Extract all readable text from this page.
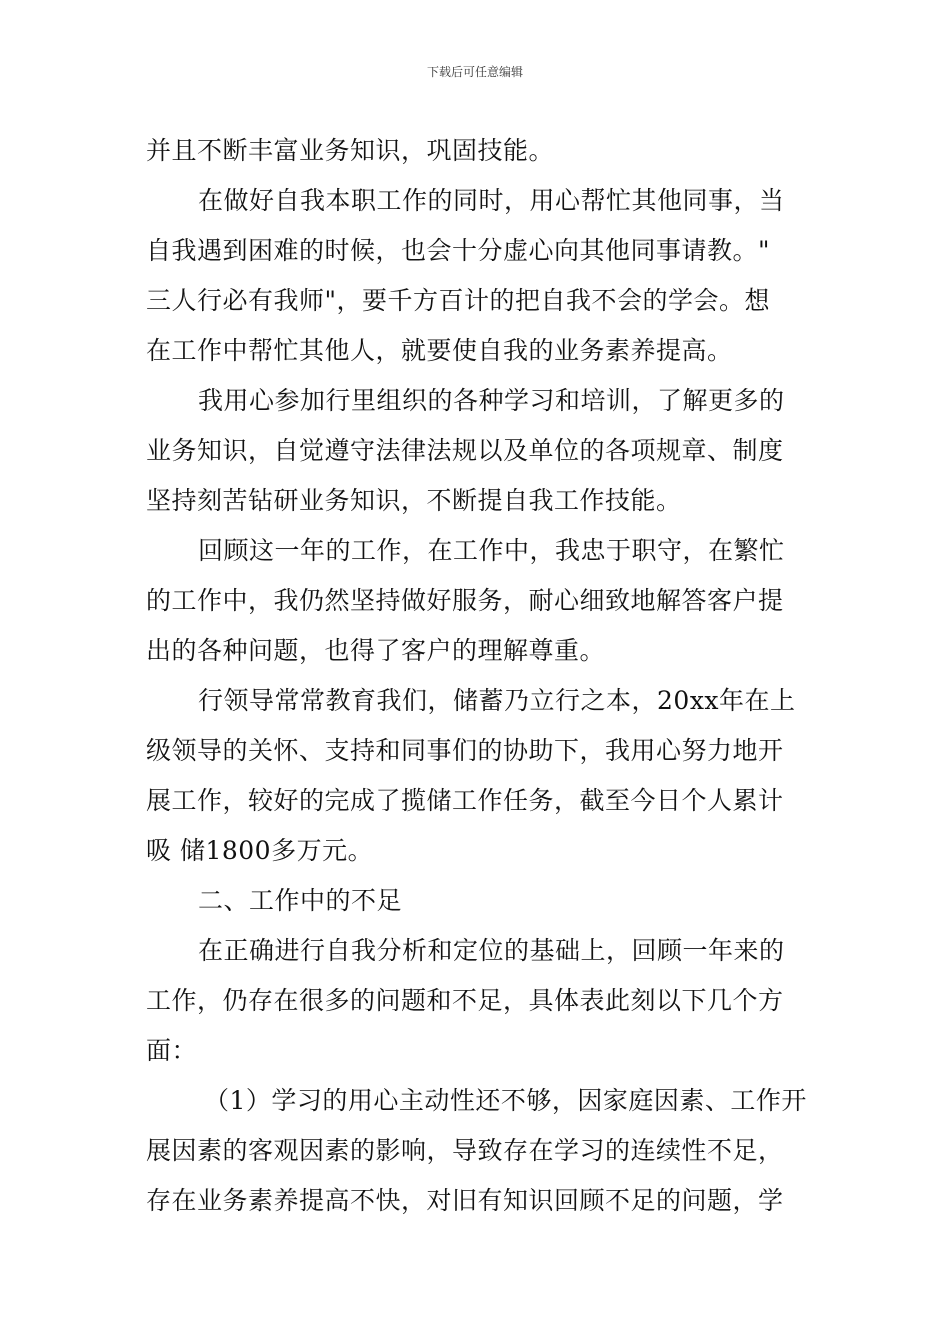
下载后可任意编辑
并且不断丰富业务知识，巩固技能。
在做好自我本职工作的同时，用心帮忙其他同事，当
自我遇到困难的时候，也会十分虚心向其他同事请教。"
三人行必有我师"，要千方百计的把自我不会的学会。想
在工作中帮忙其他人，就要使自我的业务素养提高。
我用心参加行里组织的各种学习和培训，了解更多的
业务知识，自觉遵守法律法规以及单位的各项规章、制度
坚持刻苦钻研业务知识，不断提自我工作技能。
回顾这一年的工作，在工作中，我忠于职守，在繁忙
的工作中，我仍然坚持做好服务，耐心细致地解答客户提
出的各种问题，也得了客户的理解尊重。
行领导常常教育我们，储蓄乃立行之本，20xx年在上
级领导的关怀、支持和同事们的协助下，我用心努力地开
展工作，较好的完成了揽储工作任务，截至今日个人累计
吸 储1800多万元。
二、工作中的不足
在正确进行自我分析和定位的基础上，回顾一年来的
工作，仍存在很多的问题和不足，具体表此刻以下几个方
面：
（1）学习的用心主动性还不够，因家庭因素、工作开
展因素的客观因素的影响，导致存在学习的连续性不足，
存在业务素养提高不快，对旧有知识回顾不足的问题，学
